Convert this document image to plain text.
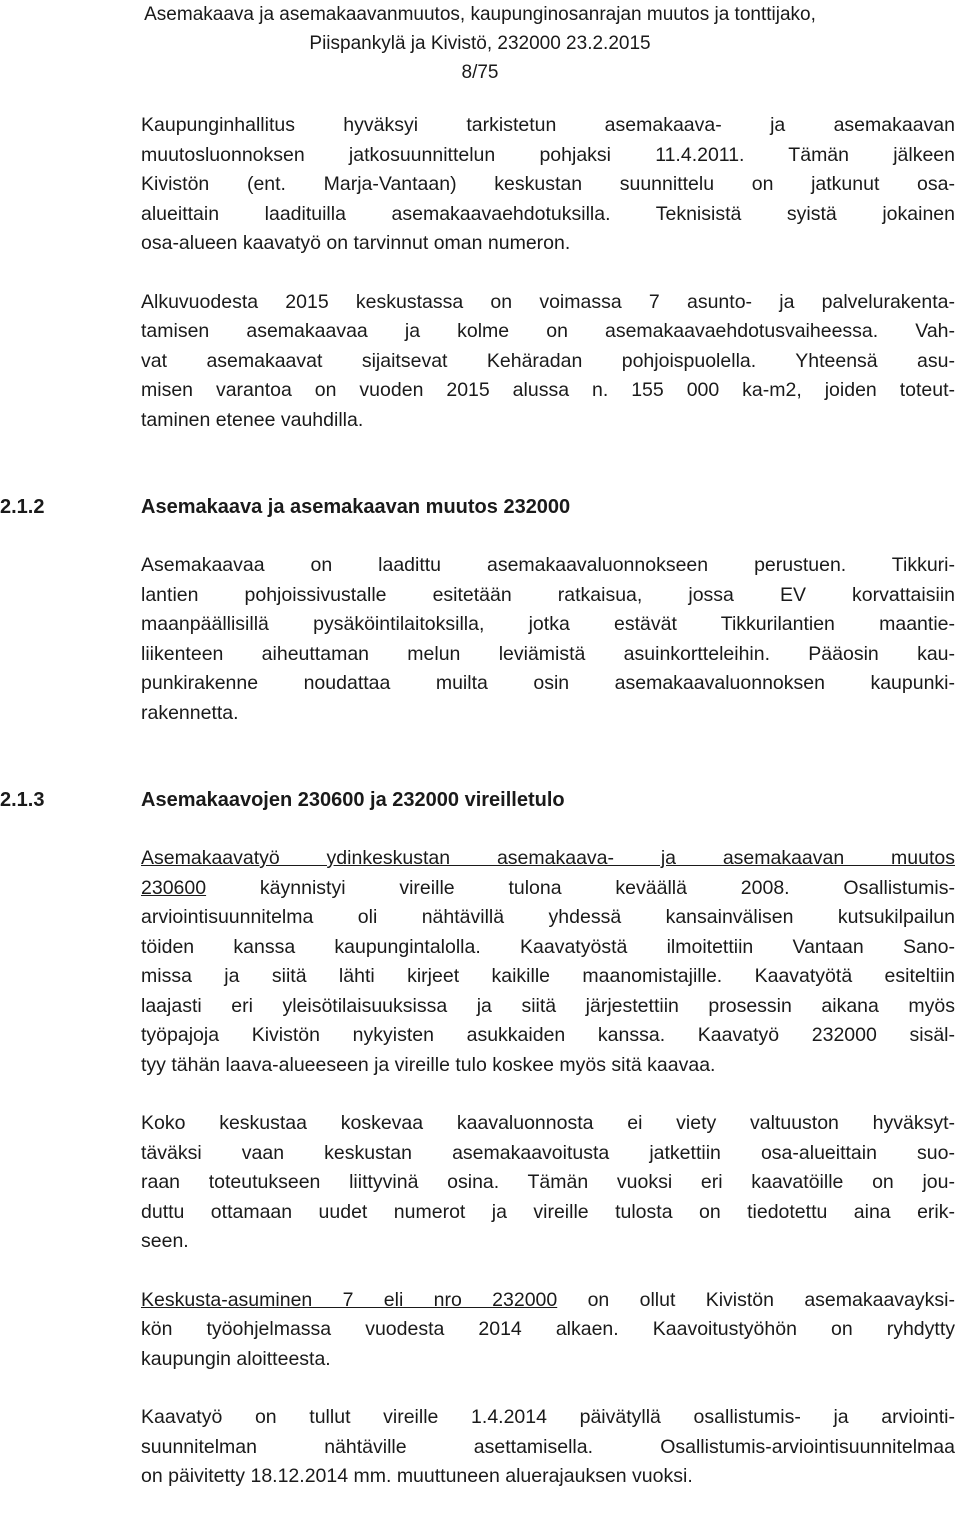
Asemakaava ja asemakaavanmuutos, kaupunginosanrajan muutos ja tonttijako,
Piispankylä ja Kivistö, 232000 23.2.2015
8/75

Kaupunginhallitus hyväksyi tarkistetun asemakaava- ja asemakaavan
muutosluonnoksen jatkosuunnittelun pohjaksi 11.4.2011. Tämän jälkeen
Kivistön (ent. Marja-Vantaan) keskustan suunnittelu on jatkunut osa-
alueittain laadituilla asemakaavaehdotuksilla. Teknisistä syistä jokainen
osa-alueen kaavatyö on tarvinnut oman numeron.

Alkuvuodesta 2015 keskustassa on voimassa 7 asunto- ja palvelurakenta-
tamisen asemakaavaa ja kolme on asemakaavaehdotusvaiheessa. Vah-
vat asemakaavat sijaitsevat Kehäradan pohjoispuolella. Yhteensä asu-
misen varantoa on vuoden 2015 alussa n. 155 000 ka-m2, joiden toteut-
taminen etenee vauhdilla.

2.1.2	Asemakaava ja asemakaavan muutos 232000

Asemakaavaa on laadittu asemakaavaluonnokseen perustuen. Tikkuri-
lantien pohjoissivustalle esitetään ratkaisua, jossa EV korvattaisiin
maanpäällisillä pysäköintilaitoksilla, jotka estävät Tikkurilantien maantie-
liikenteen aiheuttaman melun leviämistä asuinkortteleihin. Pääosin kau-
punkirakenne noudattaa muilta osin asemakaavaluonnoksen kaupunki-
rakennetta.

2.1.3	Asemakaavojen 230600 ja 232000 vireilletulo

Asemakaavatyö ydinkeskustan asemakaava- ja asemakaavan muutos
230600 käynnistyi vireille tulona keväällä 2008. Osallistumis-
arviointisuunnitelma oli nähtävillä yhdessä kansainvälisen kutsukilpailun
töiden kanssa kaupungintalolla. Kaavatyöstä ilmoitettiin Vantaan Sano-
missa ja siitä lähti kirjeet kaikille maanomistajille. Kaavatyötä esiteltiin
laajasti eri yleisötilaisuuksissa ja siitä järjestettiin prosessin aikana myös
työpajoja Kivistön nykyisten asukkaiden kanssa. Kaavatyö 232000 sisäl-
tyy tähän laava-alueeseen ja vireille tulo koskee myös sitä kaavaa.

Koko keskustaa koskevaa kaavaluonnosta ei viety valtuuston hyväksyt-
täväksi vaan keskustan asemakaavoitusta jatkettiin osa-alueittain suo-
raan toteutukseen liittyvinä osina. Tämän vuoksi eri kaavatöille on jou-
duttu ottamaan uudet numerot ja vireille tulosta on tiedotettu aina erik-
seen.

Keskusta-asuminen 7 eli nro 232000 on ollut Kivistön asemakaavayksi-
kön työohjelmassa vuodesta 2014 alkaen. Kaavoitustyöhön on ryhdytty
kaupungin aloitteesta.

Kaavatyö on tullut vireille 1.4.2014 päivätyllä osallistumis- ja arviointi-
suunnitelman nähtäville asettamisella. Osallistumis-arviointisuunnitelmaa
on päivitetty 18.12.2014 mm. muuttuneen aluerajauksen vuoksi.
